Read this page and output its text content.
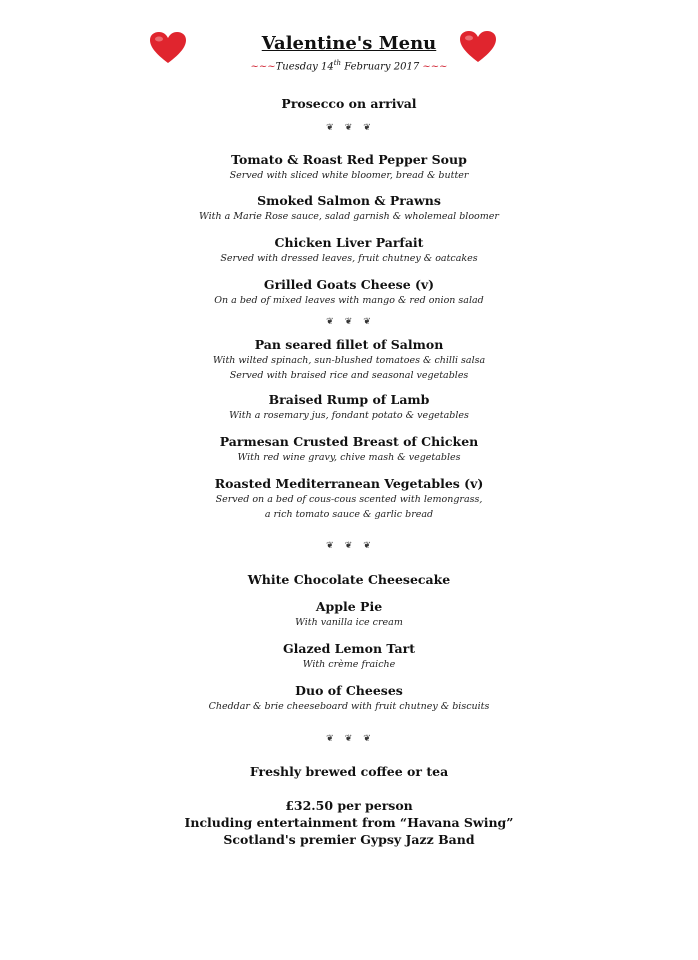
Valentine's Menu
~~~Tuesday 14th February 2017 ~~~
Prosecco on arrival
❦ ❦ ❦
Tomato & Roast Red Pepper Soup
Served with sliced white bloomer, bread & butter
Smoked Salmon & Prawns
With a Marie Rose sauce, salad garnish & wholemeal bloomer
Chicken Liver Parfait
Served with dressed leaves, fruit chutney & oatcakes
Grilled Goats Cheese (v)
On a bed of mixed leaves with mango & red onion salad
❦ ❦ ❦
Pan seared fillet of Salmon
With wilted spinach, sun-blushed tomatoes & chilli salsa
Served with braised rice and seasonal vegetables
Braised Rump of Lamb
With a rosemary jus, fondant potato & vegetables
Parmesan Crusted Breast of Chicken
With red wine gravy, chive mash & vegetables
Roasted Mediterranean Vegetables (v)
Served on a bed of cous-cous scented with lemongrass,
a rich tomato sauce & garlic bread
❦ ❦ ❦
White Chocolate Cheesecake
Apple Pie
With vanilla ice cream
Glazed Lemon Tart
With crème fraiche
Duo of Cheeses
Cheddar & brie cheeseboard with fruit chutney & biscuits
❦ ❦ ❦
Freshly brewed coffee or tea
£32.50 per person
Including entertainment from “Havana Swing”
Scotland's premier Gypsy Jazz Band
